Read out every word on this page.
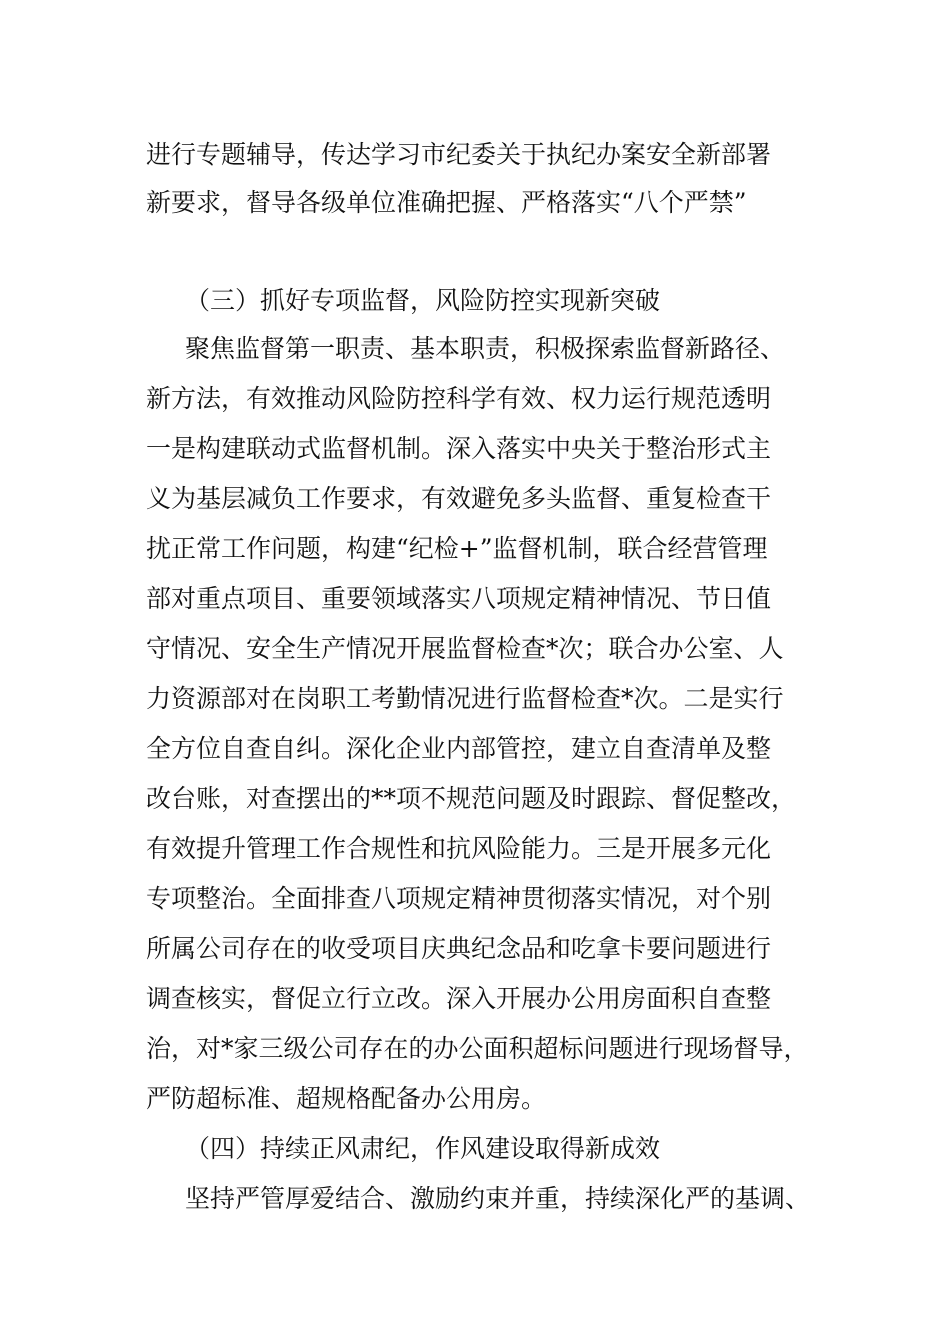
进行专题辅导，传达学习市纪委关于执纪办案安全新部署
新要求，督导各级单位准确把握、严格落实“八个严禁”
（三）抓好专项监督，风险防控实现新突破
聚焦监督第一职责、基本职责，积极探索监督新路径、
新方法，有效推动风险防控科学有效、权力运行规范透明
一是构建联动式监督机制。深入落实中央关于整治形式主
义为基层减负工作要求，有效避免多头监督、重复检查干
扰正常工作问题，构建“纪检+”监督机制，联合经营管理
部对重点项目、重要领域落实八项规定精神情况、节日值
守情况、安全生产情况开展监督检查*次；联合办公室、人
力资源部对在岗职工考勤情况进行监督检查*次。二是实行
全方位自查自纠。深化企业内部管控，建立自查清单及整
改台账，对查摆出的**项不规范问题及时跟踪、督促整改，
有效提升管理工作合规性和抗风险能力。三是开展多元化
专项整治。全面排查八项规定精神贯彻落实情况，对个别
所属公司存在的收受项目庆典纪念品和吃拿卡要问题进行
调查核实，督促立行立改。深入开展办公用房面积自查整
治，对*家三级公司存在的办公面积超标问题进行现场督导，
严防超标准、超规格配备办公用房。
（四）持续正风肃纪，作风建设取得新成效
坚持严管厚爱结合、激励约束并重，持续深化严的基调、
